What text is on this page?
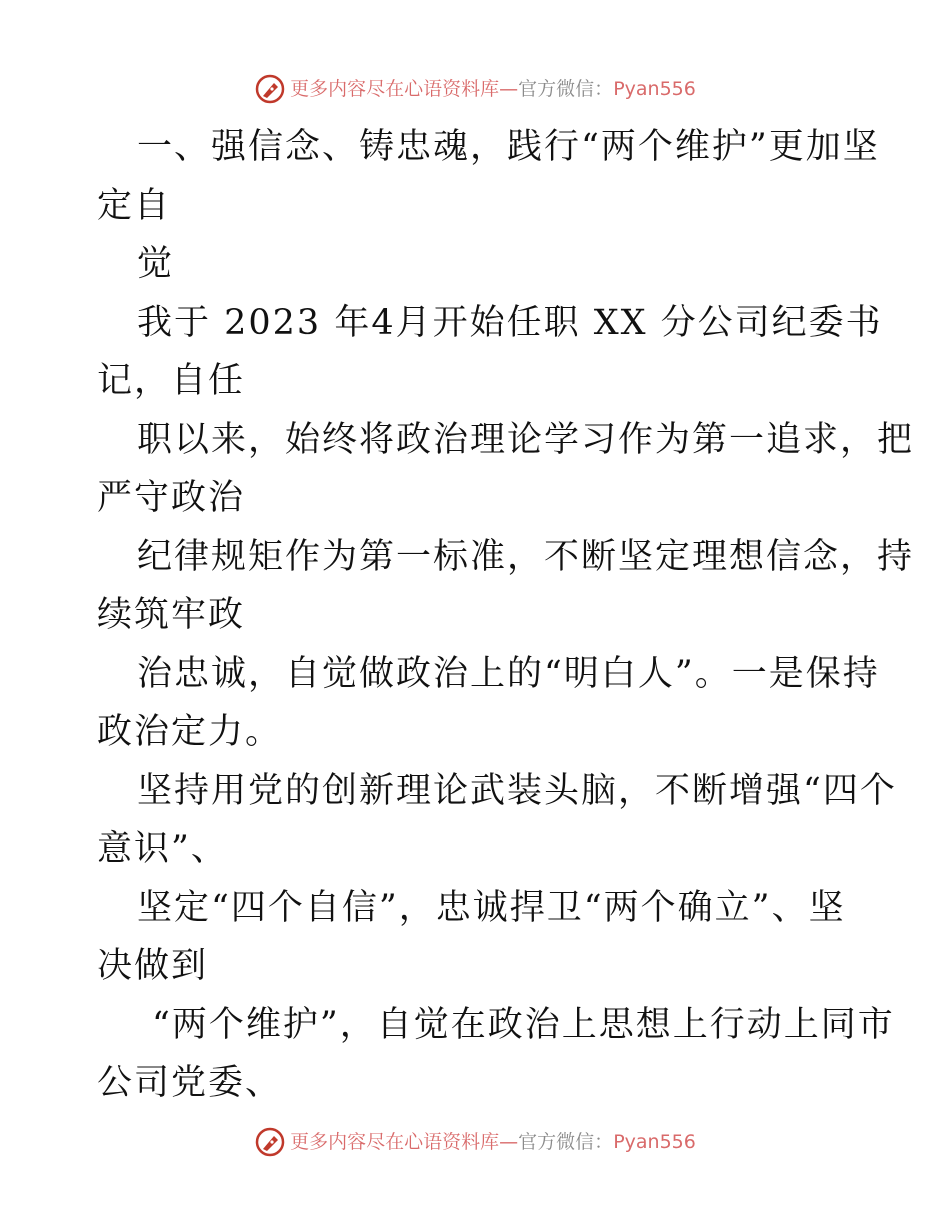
更多内容尽在心语资料库 — 官方微信： Pyan556
一、强信念、铸忠魂，践行“两个维护”更加坚
定自
觉
我于 2023 年4月开始任职 XX 分公司纪委书
记，自任
职以来，始终将政治理论学习作为第一追求，把
严守政治
纪律规矩作为第一标准，不断坚定理想信念，持
续筑牢政
治忠诚，自觉做政治上的“明白人”。一是保持
政治定力。
坚持用党的创新理论武装头脑，不断增强“四个
意识”、
坚定“四个自信”，忠诚捍卫“两个确立”、坚
决做到
“两个维护”，自觉在政治上思想上行动上同市
公司党委、
更多内容尽在心语资料库 — 官方微信： Pyan556
